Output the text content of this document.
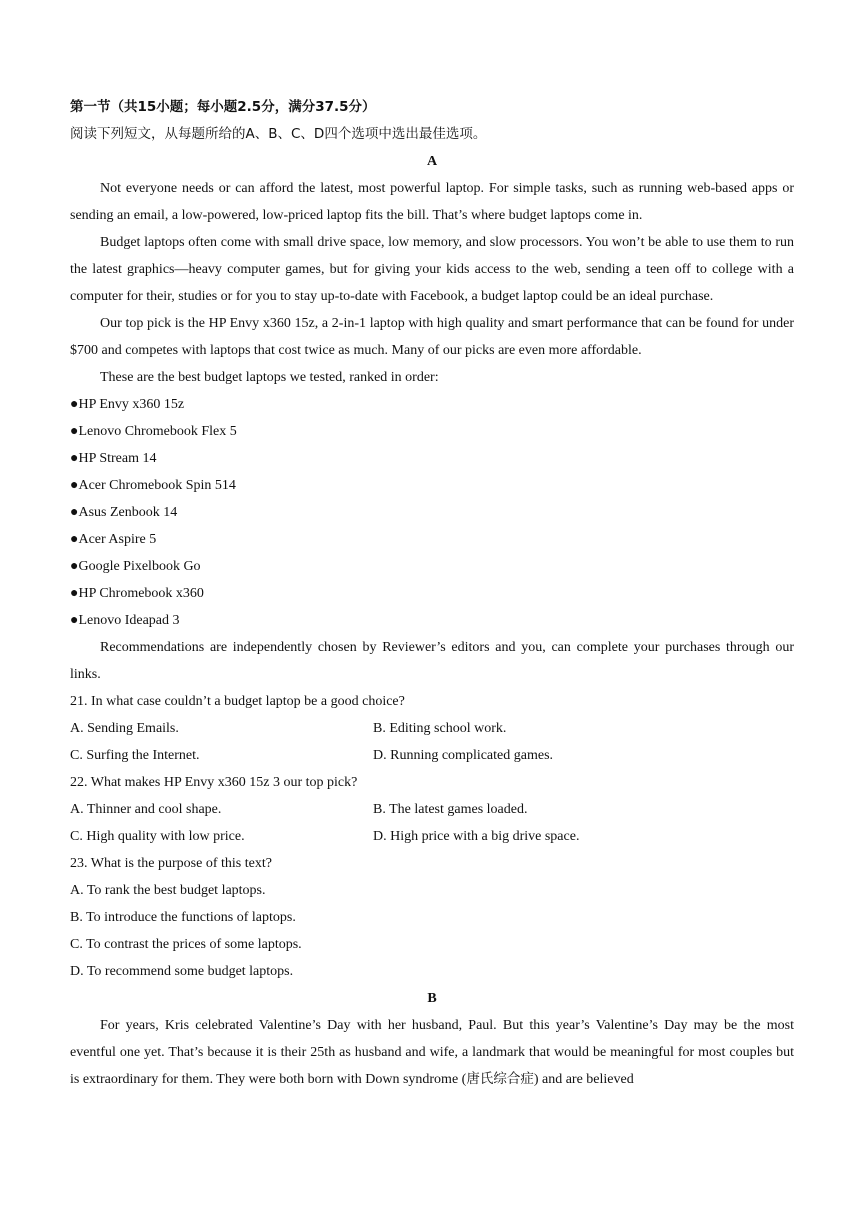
第一节（共15小题；每小题2.5分，满分37.5分）
阅读下列短文，从每题所给的A、B、C、D四个选项中选出最佳选项。
A
Not everyone needs or can afford the latest, most powerful laptop. For simple tasks, such as running web-based apps or sending an email, a low-powered, low-priced laptop fits the bill. That’s where budget laptops come in.
Budget laptops often come with small drive space, low memory, and slow processors. You won’t be able to use them to run the latest graphics—heavy computer games, but for giving your kids access to the web, sending a teen off to college with a computer for their, studies or for you to stay up-to-date with Facebook, a budget laptop could be an ideal purchase.
Our top pick is the HP Envy x360 15z, a 2-in-1 laptop with high quality and smart performance that can be found for under $700 and competes with laptops that cost twice as much. Many of our picks are even more affordable.
These are the best budget laptops we tested, ranked in order:
●HP Envy x360 15z
●Lenovo Chromebook Flex 5
●HP Stream 14
●Acer Chromebook Spin 514
●Asus Zenbook 14
●Acer Aspire 5
●Google Pixelbook Go
●HP Chromebook x360
●Lenovo Ideapad 3
Recommendations are independently chosen by Reviewer’s editors and you, can complete your purchases through our links.
21. In what case couldn’t a budget laptop be a good choice?
A. Sending Emails.	B. Editing school work.
C. Surfing the Internet.	D. Running complicated games.
22. What makes HP Envy x360 15z 3 our top pick?
A. Thinner and cool shape.	B. The latest games loaded.
C. High quality with low price.	D. High price with a big drive space.
23. What is the purpose of this text?
A. To rank the best budget laptops.
B. To introduce the functions of laptops.
C. To contrast the prices of some laptops.
D. To recommend some budget laptops.
B
For years, Kris celebrated Valentine’s Day with her husband, Paul. But this year’s Valentine’s Day may be the most eventful one yet. That’s because it is their 25th as husband and wife, a landmark that would be meaningful for most couples but is extraordinary for them. They were both born with Down syndrome (唐氏综合症) and are believed
